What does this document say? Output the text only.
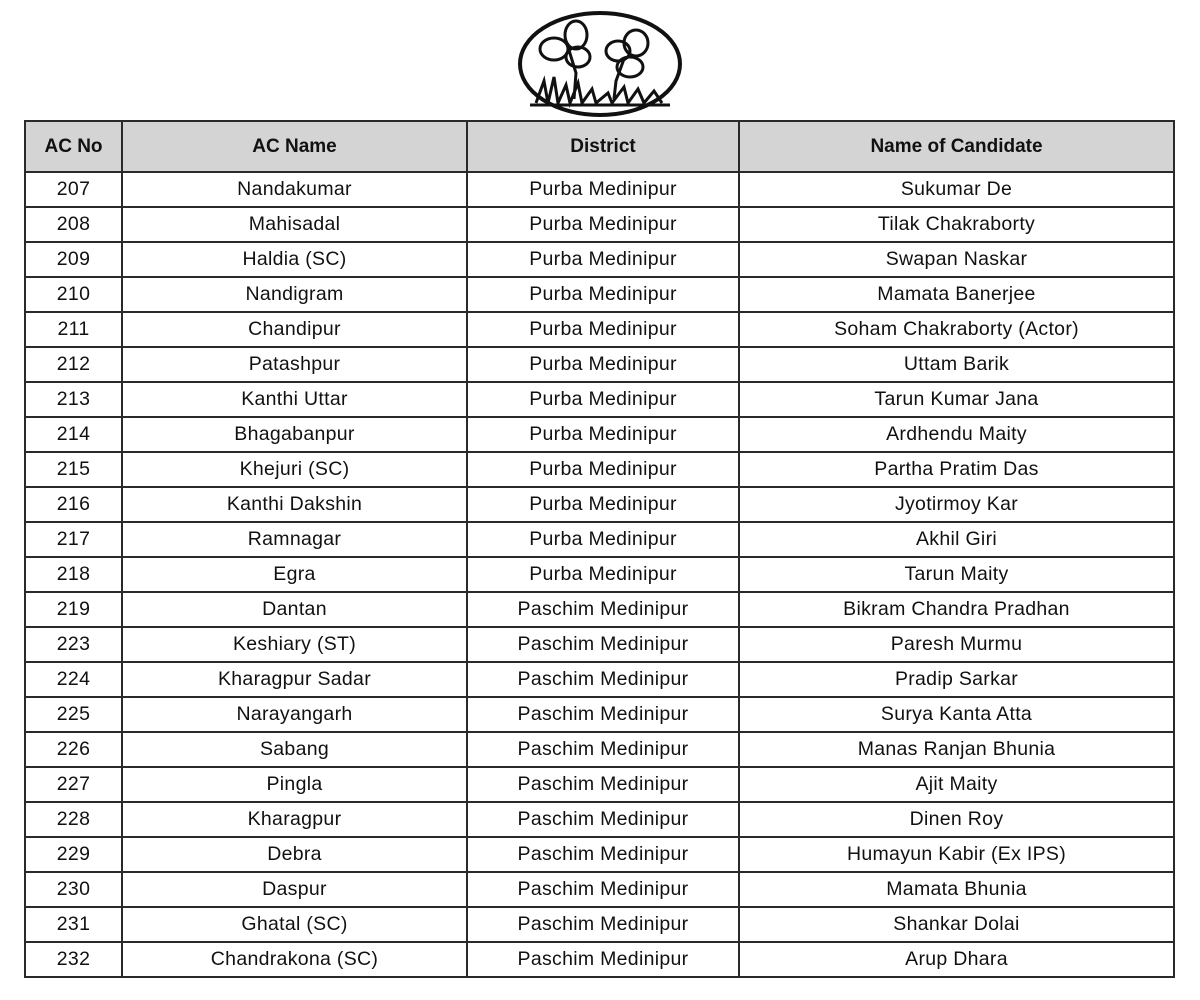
AC No	AC Name	District	Name of Candidate
207	Nandakumar	Purba Medinipur	Sukumar De
208	Mahisadal	Purba Medinipur	Tilak Chakraborty
209	Haldia (SC)	Purba Medinipur	Swapan Naskar
210	Nandigram	Purba Medinipur	Mamata Banerjee
211	Chandipur	Purba Medinipur	Soham Chakraborty (Actor)
212	Patashpur	Purba Medinipur	Uttam Barik
213	Kanthi Uttar	Purba Medinipur	Tarun Kumar Jana
214	Bhagabanpur	Purba Medinipur	Ardhendu Maity
215	Khejuri (SC)	Purba Medinipur	Partha Pratim Das
216	Kanthi Dakshin	Purba Medinipur	Jyotirmoy Kar
217	Ramnagar	Purba Medinipur	Akhil Giri
218	Egra	Purba Medinipur	Tarun Maity
219	Dantan	Paschim Medinipur	Bikram Chandra Pradhan
223	Keshiary (ST)	Paschim Medinipur	Paresh Murmu
224	Kharagpur Sadar	Paschim Medinipur	Pradip Sarkar
225	Narayangarh	Paschim Medinipur	Surya Kanta Atta
226	Sabang	Paschim Medinipur	Manas Ranjan Bhunia
227	Pingla	Paschim Medinipur	Ajit Maity
228	Kharagpur	Paschim Medinipur	Dinen Roy
229	Debra	Paschim Medinipur	Humayun Kabir (Ex IPS)
230	Daspur	Paschim Medinipur	Mamata Bhunia
231	Ghatal (SC)	Paschim Medinipur	Shankar Dolai
232	Chandrakona (SC)	Paschim Medinipur	Arup Dhara
